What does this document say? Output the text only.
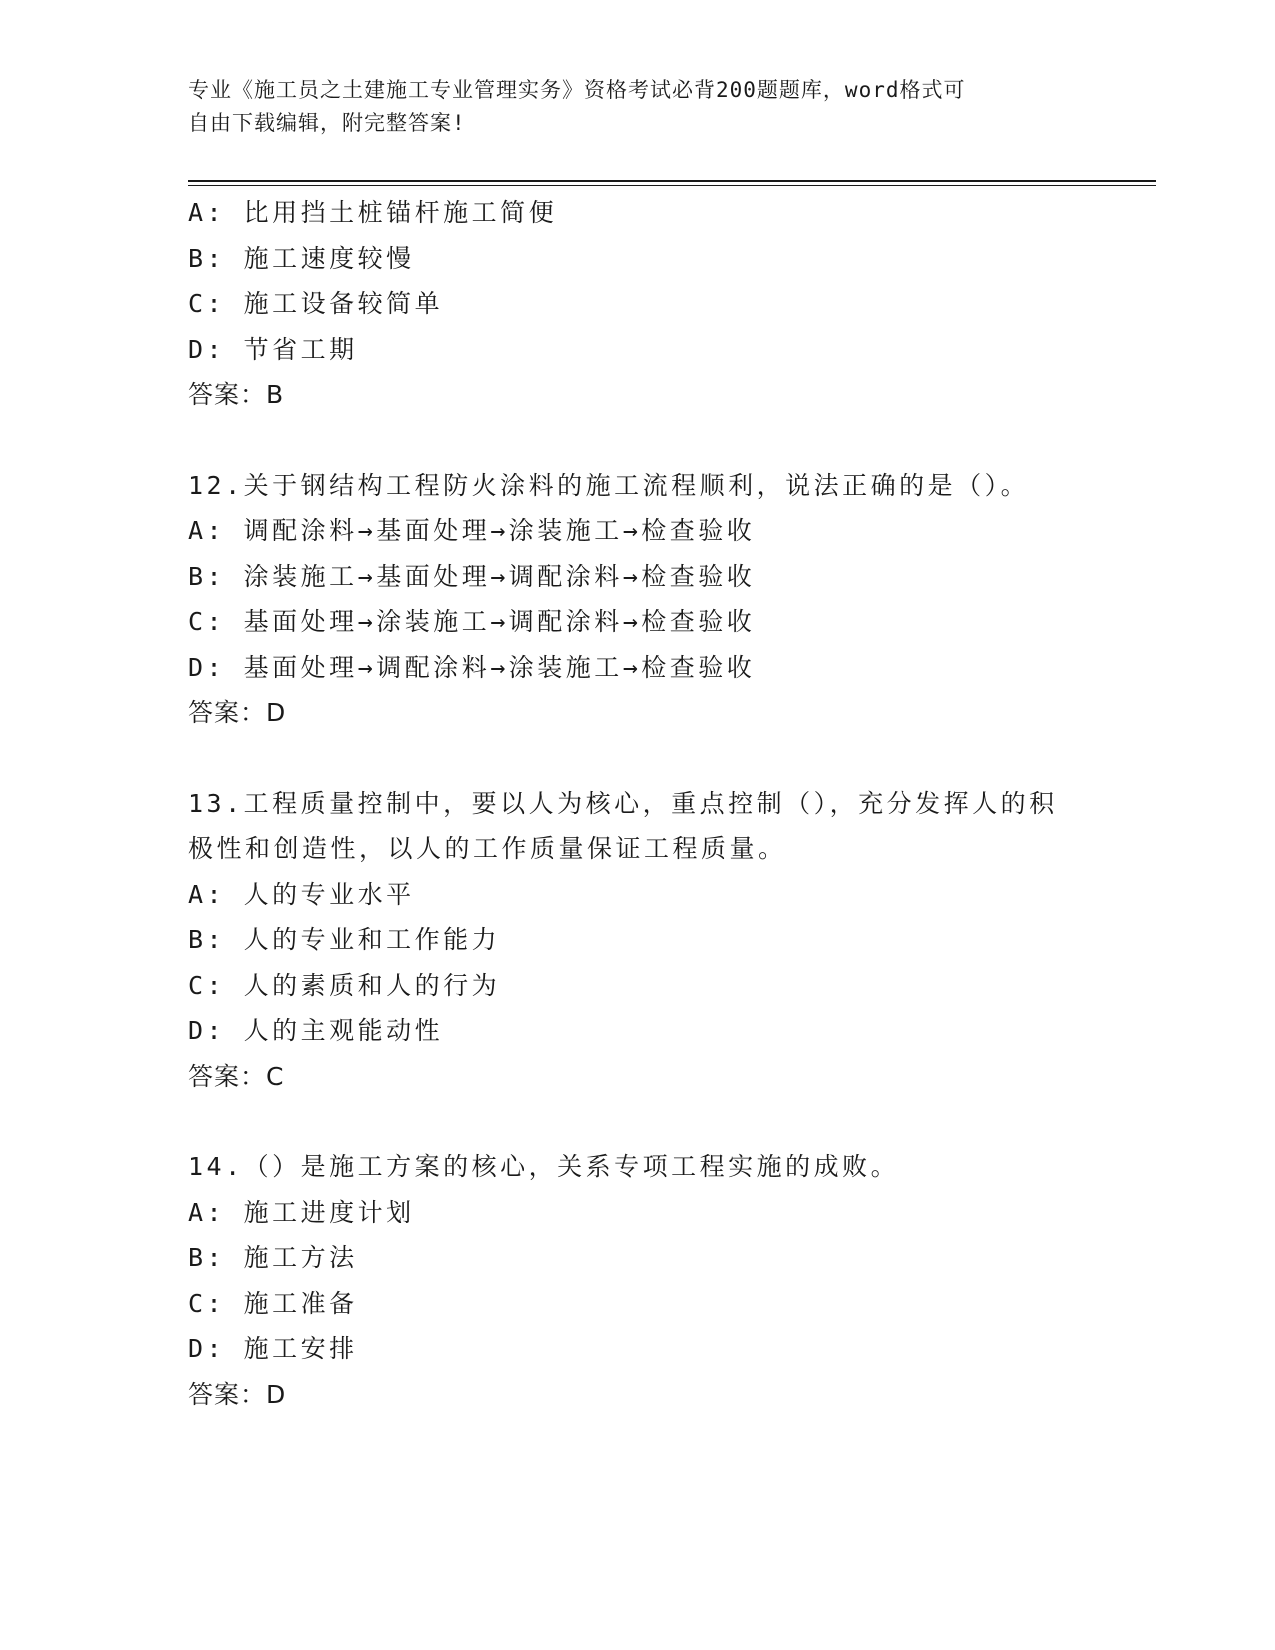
专业《施工员之土建施工专业管理实务》资格考试必背200题题库，word格式可
自由下载编辑，附完整答案!
A: 比用挡土桩锚杆施工简便
B: 施工速度较慢
C: 施工设备较简单
D: 节省工期
答案：B
12.关于钢结构工程防火涂料的施工流程顺利，说法正确的是（）。
A: 调配涂料→基面处理→涂装施工→检查验收
B: 涂装施工→基面处理→调配涂料→检查验收
C: 基面处理→涂装施工→调配涂料→检查验收
D: 基面处理→调配涂料→涂装施工→检查验收
答案：D
13.工程质量控制中，要以人为核心，重点控制（），充分发挥人的积
极性和创造性，以人的工作质量保证工程质量。
A: 人的专业水平
B: 人的专业和工作能力
C: 人的素质和人的行为
D: 人的主观能动性
答案：C
14.（）是施工方案的核心，关系专项工程实施的成败。
A: 施工进度计划
B: 施工方法
C: 施工准备
D: 施工安排
答案：D
